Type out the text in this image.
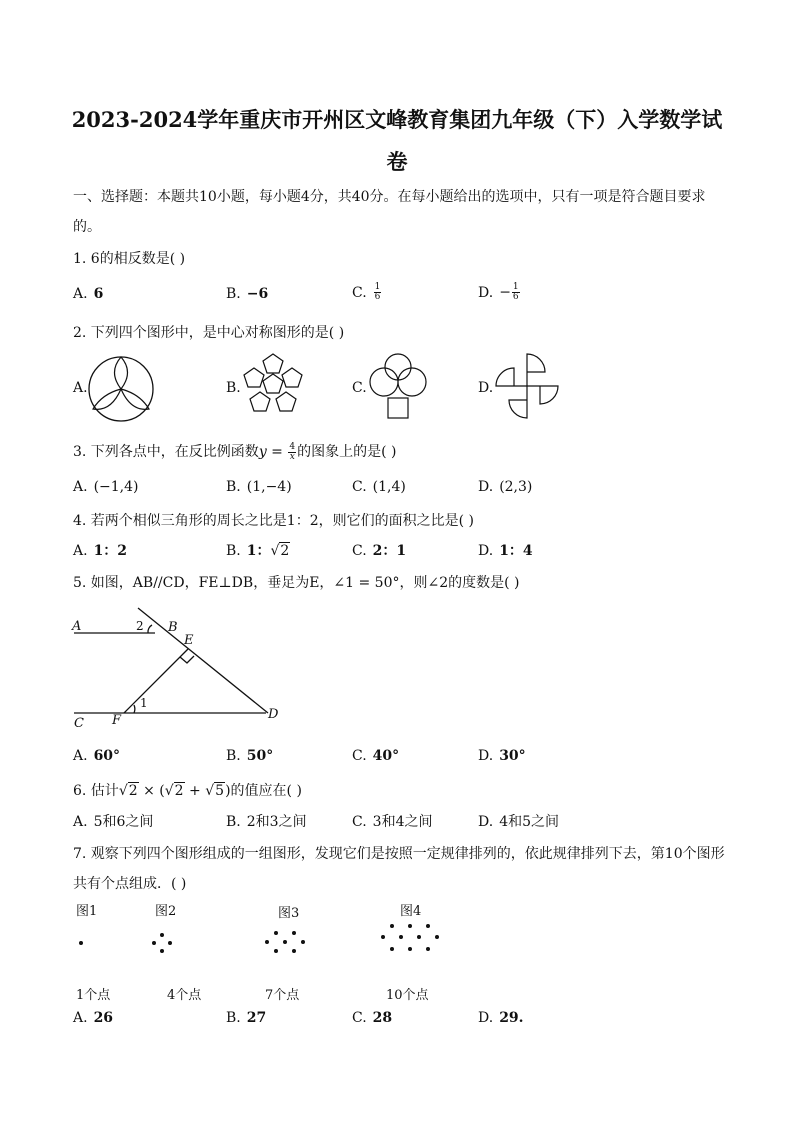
2023-2024学年重庆市开州区文峰教育集团九年级（下）入学数学试
卷
一、选择题：本题共10小题，每小题4分，共40分。在每小题给出的选项中，只有一项是符合题目要求
的。
1. 6的相反数是( )
A. 6	B. −6	C. $\frac{1}{6}$	D. − $\frac{1}{6}$
2. 下列四个图形中，是中心对称图形的是( )
A.	B.	C.	D.
3. 下列各点中，在反比例函数$y = \frac{4}{x}$ 的图象上的是( )
A. (−1,4)	B. (1,−4)	C. (1,4)	D. (2,3)
4. 若两个相似三角形的周长之比是1：2，则它们的面积之比是( )
A. 1：2	B. 1：√2	C. 2：1	D. 1：4
5. 如图，AB//CD，FE⊥DB，垂足为E，∠1 = 50°，则∠2的度数是( )
A	B
E
C F	D
2
1
A. 60°	B. 50°	C. 40°	D. 30°
6. 估计√2 × (√2 + √5)的值应在( )
A. 5和6之间	B. 2和3之间	C. 3和4之间	D. 4和5之间
7. 观察下列四个图形组成的一组图形，发现它们是按照一定规律排列的，依此规律排列下去，第10个图形
共有个点组成．( )
图1	图2	图3	图4
1个点	4个点	7个点	10个点
A. 26	B. 27	C. 28	D. 29.
